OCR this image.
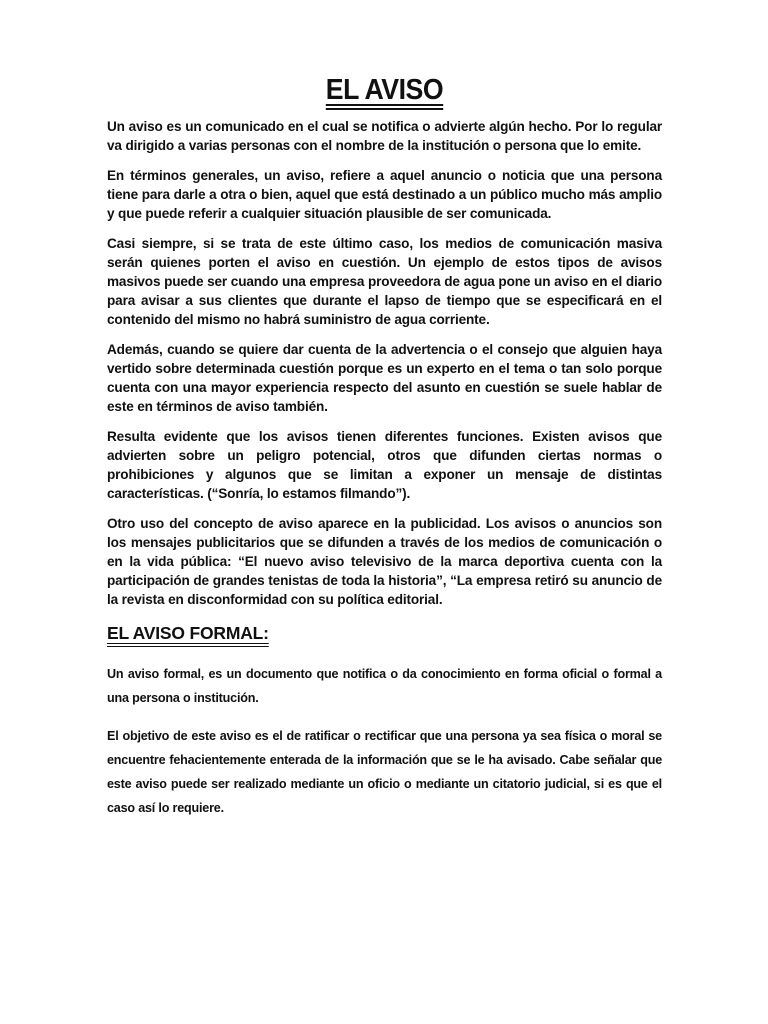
EL AVISO

Un aviso es un comunicado en el cual se notifica o advierte algún hecho. Por lo regular va dirigido a varias personas con el nombre de la institución o persona que lo emite.

En términos generales, un aviso, refiere a aquel anuncio o noticia que una persona tiene para darle a otra o bien, aquel que está destinado a un público mucho más amplio y que puede referir a cualquier situación plausible de ser comunicada.

Casi siempre, si se trata de este último caso, los medios de comunicación masiva serán quienes porten el aviso en cuestión. Un ejemplo de estos tipos de avisos masivos puede ser cuando una empresa proveedora de agua pone un aviso en el diario para avisar a sus clientes que durante el lapso de tiempo que se especificará en el contenido del mismo no habrá suministro de agua corriente.

Además, cuando se quiere dar cuenta de la advertencia o el consejo que alguien haya vertido sobre determinada cuestión porque es un experto en el tema o tan solo porque cuenta con una mayor experiencia respecto del asunto en cuestión se suele hablar de este en términos de aviso también.

Resulta evidente que los avisos tienen diferentes funciones. Existen avisos que advierten sobre un peligro potencial, otros que difunden ciertas normas o prohibiciones y algunos que se limitan a exponer un mensaje de distintas características. (“Sonría, lo estamos filmando”).

Otro uso del concepto de aviso aparece en la publicidad. Los avisos o anuncios son los mensajes publicitarios que se difunden a través de los medios de comunicación o en la vida pública: “El nuevo aviso televisivo de la marca deportiva cuenta con la participación de grandes tenistas de toda la historia”, “La empresa retiró su anuncio de la revista en disconformidad con su política editorial.

EL AVISO FORMAL:

Un aviso formal, es un documento que notifica o da conocimiento en forma oficial o formal a una persona o institución.

El objetivo de este aviso es el de ratificar o rectificar que una persona ya sea física o moral se encuentre fehacientemente enterada de la información que se le ha avisado. Cabe señalar que este aviso puede ser realizado mediante un oficio o mediante un citatorio judicial, si es que el caso así lo requiere.
